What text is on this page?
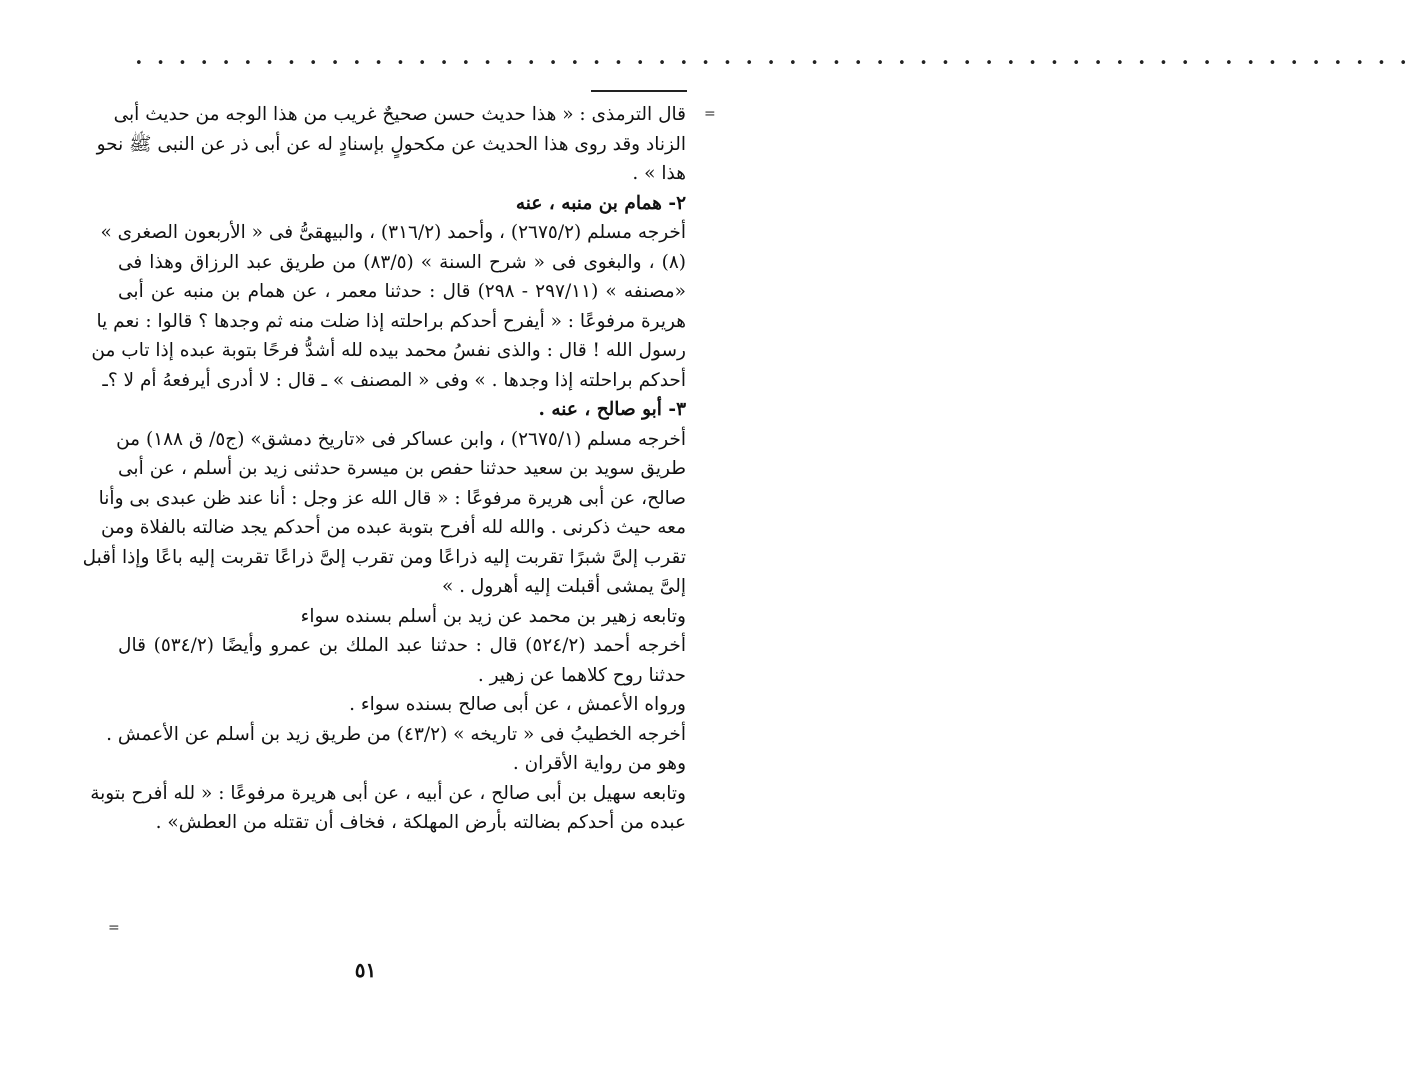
• • • • • • • • • • • • • • • • • • • • • • • • • • • • • • • • • • • • • • • • • • • • • • • • • • • • • • • • • • •
=
=
قال الترمذى : « هذا حديث حسن صحيحٌ غريب من هذا الوجه من حديث أبى
الزناد وقد روى هذا الحديث عن مكحولٍ بإسنادٍ له عن أبى ذر عن النبى ﷺ نحو
هذا » .
٢- همام بن منبه ، عنه
أخرجه مسلم (٢٦٧٥/٢) ، وأحمد (٣١٦/٢) ، والبيهقىُّ فى « الأربعون الصغرى »
(٨) ، والبغوى فى « شرح السنة » (٨٣/٥) من طريق عبد الرزاق وهذا فى
«مصنفه » (٢٩٧/١١ - ٢٩٨) قال : حدثنا معمر ، عن همام بن منبه عن أبى
هريرة مرفوعًا : « أيفرح أحدكم براحلته إذا ضلت منه ثم وجدها ؟ قالوا : نعم يا
رسول الله ! قال : والذى نفسُ محمد بيده لله أشدُّ فرحًا بتوبة عبده إذا تاب من
أحدكم براحلته إذا وجدها . » وفى « المصنف » ـ قال : لا أدرى أيرفعهُ أم لا ؟ـ
٣- أبو صالح ، عنه .
أخرجه مسلم (٢٦٧٥/١) ، وابن عساكر فى «تاريخ دمشق» (ج٥/ ق ١٨٨) من
طريق سويد بن سعيد حدثنا حفص بن ميسرة حدثنى زيد بن أسلم ، عن أبى
صالح، عن أبى هريرة مرفوعًا : « قال الله عز وجل : أنا عند ظن عبدى بى وأنا
معه حيث ذكرنى . والله لله أفرح بتوبة عبده من أحدكم يجد ضالته بالفلاة ومن
تقرب إلىَّ شبرًا تقربت إليه ذراعًا ومن تقرب إلىَّ ذراعًا تقربت إليه باعًا وإذا أقبل
إلىَّ يمشى أقبلت إليه أهرول . »
وتابعه زهير بن محمد عن زيد بن أسلم بسنده سواء
أخرجه أحمد (٥٢٤/٢) قال : حدثنا عبد الملك بن عمرو وأيضًا (٥٣٤/٢) قال
حدثنا روح كلاهما عن زهير .
ورواه الأعمش ، عن أبى صالح بسنده سواء .
أخرجه الخطيبُ فى « تاريخه » (٤٣/٢) من طريق زيد بن أسلم عن الأعمش .
وهو من رواية الأقران .
وتابعه سهيل بن أبى صالح ، عن أبيه ، عن أبى هريرة مرفوعًا : « لله أفرح بتوبة
عبده من أحدكم بضالته بأرض المهلكة ، فخاف أن تقتله من العطش» .
٥١
